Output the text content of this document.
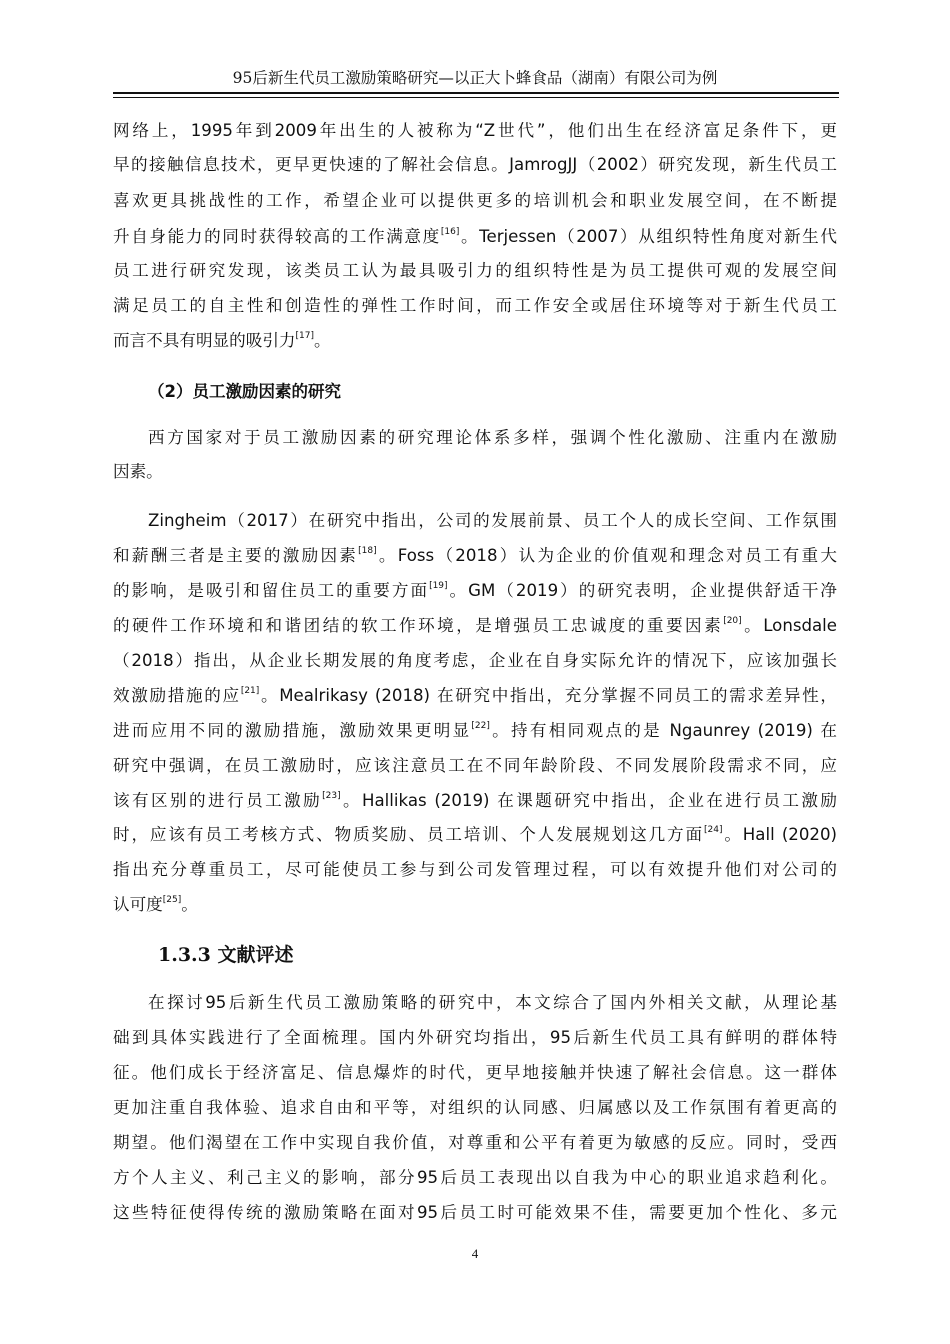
95后新生代员工激励策略研究—以正大卜蜂食品（湖南）有限公司为例
（2）员工激励因素的研究
1.3.3 文献评述
网络上，1995年到2009年出生的人被称为“Z世代”，他们出生在经济富足条件下，更
早的接触信息技术，更早更快速的了解社会信息。JamrogJJ（2002）研究发现，新生代员工
喜欢更具挑战性的工作，希望企业可以提供更多的培训机会和职业发展空间，在不断提
升自身能力的同时获得较高的工作满意度[16]。Terjessen（2007）从组织特性角度对新生代
员工进行研究发现，该类员工认为最具吸引力的组织特性是为员工提供可观的发展空间
满足员工的自主性和创造性的弹性工作时间，而工作安全或居住环境等对于新生代员工
而言不具有明显的吸引力[17]。
西方国家对于员工激励因素的研究理论体系多样，强调个性化激励、注重内在激励
因素。
Zingheim（2017）在研究中指出，公司的发展前景、员工个人的成长空间、工作氛围
和薪酬三者是主要的激励因素[18]。Foss（2018）认为企业的价值观和理念对员工有重大
的影响，是吸引和留住员工的重要方面[19]。GM（2019）的研究表明，企业提供舒适干净
的硬件工作环境和和谐团结的软工作环境，是增强员工忠诚度的重要因素[20]。Lonsdale
（2018）指出，从企业长期发展的角度考虑，企业在自身实际允许的情况下，应该加强长
效激励措施的应[21]。Mealrikasy (2018) 在研究中指出，充分掌握不同员工的需求差异性，
进而应用不同的激励措施，激励效果更明显[22]。持有相同观点的是 Ngaunrey (2019) 在
研究中强调，在员工激励时，应该注意员工在不同年龄阶段、不同发展阶段需求不同，应
该有区别的进行员工激励[23]。Hallikas (2019) 在课题研究中指出，企业在进行员工激励
时，应该有员工考核方式、物质奖励、员工培训、个人发展规划这几方面[24]。Hall (2020)
指出充分尊重员工，尽可能使员工参与到公司发管理过程，可以有效提升他们对公司的
认可度[25]。
在探讨95后新生代员工激励策略的研究中，本文综合了国内外相关文献，从理论基
础到具体实践进行了全面梳理。国内外研究均指出，95后新生代员工具有鲜明的群体特
征。他们成长于经济富足、信息爆炸的时代，更早地接触并快速了解社会信息。这一群体
更加注重自我体验、追求自由和平等，对组织的认同感、归属感以及工作氛围有着更高的
期望。他们渴望在工作中实现自我价值，对尊重和公平有着更为敏感的反应。同时，受西
方个人主义、利己主义的影响，部分95后员工表现出以自我为中心的职业追求趋利化。
这些特征使得传统的激励策略在面对95后员工时可能效果不佳，需要更加个性化、多元
4
